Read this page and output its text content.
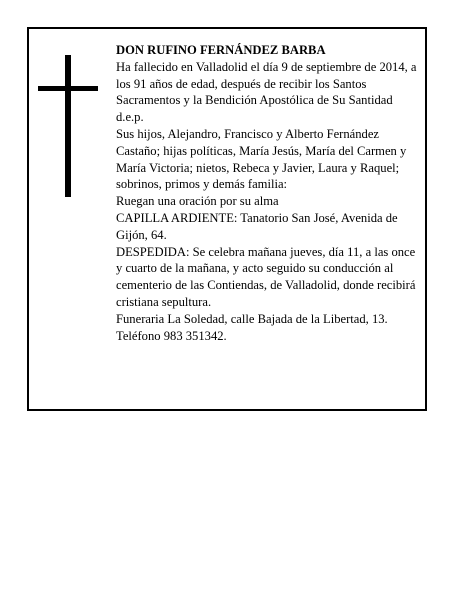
DON RUFINO FERNÁNDEZ BARBA

Ha fallecido en Valladolid el día 9 de septiembre de 2014, a los 91 años de edad, después de recibir los Santos Sacramentos y la Bendición Apostólica de Su Santidad

d.e.p.

Sus hijos, Alejandro, Francisco y Alberto Fernández Castaño; hijas políticas, María Jesús, María del Carmen y María Victoria; nietos, Rebeca y Javier, Laura y Raquel; sobrinos, primos y demás familia:

Ruegan una oración por su alma

CAPILLA ARDIENTE: Tanatorio San José, Avenida de Gijón, 64.

DESPEDIDA: Se celebra mañana jueves, día 11, a las once y cuarto de la mañana, y acto seguido su conducción al cementerio de las Contiendas, de Valladolid, donde recibirá cristiana sepultura.

Funeraria La Soledad, calle Bajada de la Libertad, 13. Teléfono 983 351342.
